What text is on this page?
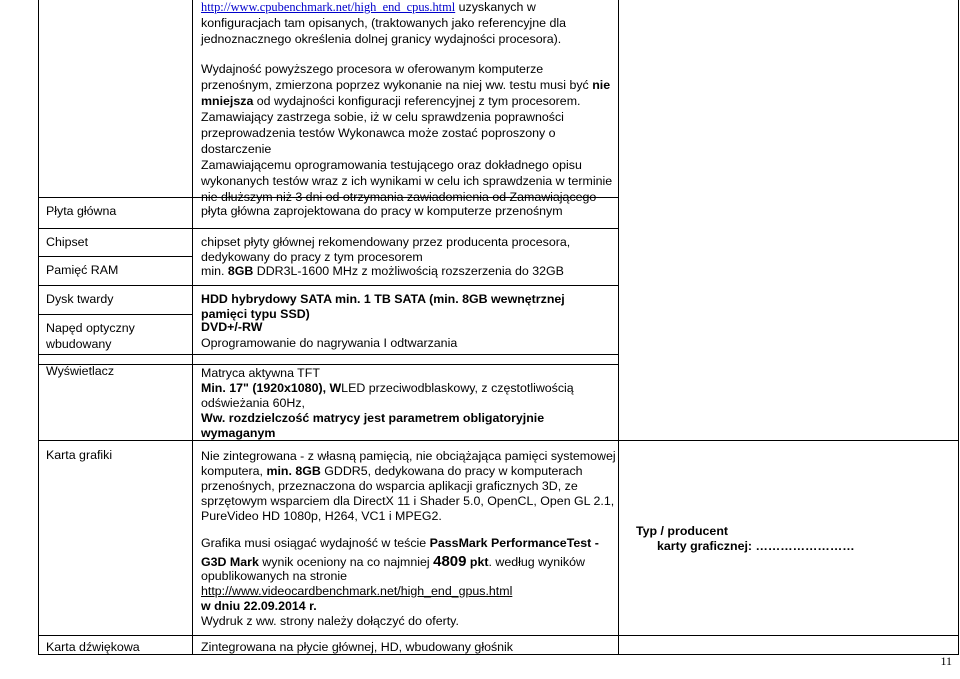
http://www.cpubenchmark.net/high_end_cpus.html uzyskanych w
konfiguracjach tam opisanych, (traktowanych jako referencyjne dla
jednoznacznego określenia dolnej granicy wydajności procesora).
Wydajność powyższego procesora w oferowanym komputerze
przenośnym, zmierzona poprzez wykonanie na niej ww. testu musi być nie
mniejsza od wydajności konfiguracji referencyjnej z tym procesorem.
Zamawiający zastrzega sobie, iż w celu sprawdzenia poprawności
przeprowadzenia testów Wykonawca może zostać poproszony o
dostarczenie
Zamawiającemu oprogramowania testującego oraz dokładnego opisu
wykonanych testów wraz z ich wynikami w celu ich sprawdzenia w terminie
nie dłuższym niż 3 dni od otrzymania zawiadomienia od Zamawiającego
Płyta główna
Chipset
Pamięć RAM
Dysk twardy
Napęd optyczny
wbudowany
Wyświetlacz
Karta grafiki
Karta dźwiękowa
płyta główna zaprojektowana do pracy w komputerze przenośnym
chipset płyty głównej rekomendowany przez producenta procesora,
dedykowany do pracy z tym procesorem
min. 8GB DDR3L-1600 MHz z możliwością rozszerzenia do 32GB
HDD hybrydowy SATA min. 1 TB SATA (min. 8GB wewnętrznej
pamięci typu SSD)
DVD+/-RW
Oprogramowanie do nagrywania I odtwarzania
Matryca aktywna TFT
Min. 17" (1920x1080), WLED przeciwodblaskowy, z częstotliwością
odświeżania 60Hz,
Ww. rozdzielczość matrycy jest parametrem obligatoryjnie
wymaganym
Nie zintegrowana - z własną pamięcią, nie obciążająca pamięci systemowej
komputera, min. 8GB GDDR5, dedykowana do pracy w komputerach
przenośnych, przeznaczona do wsparcia aplikacji graficznych 3D, ze
sprzętowym wsparciem dla DirectX 11 i Shader 5.0, OpenCL, Open GL 2.1,
PureVideo HD 1080p, H264, VC1 i MPEG2.
Grafika musi osiągać wydajność w teście PassMark PerformanceTest -
G3D Mark wynik oceniony na co najmniej 4809 pkt. według wyników
opublikowanych na stronie
http://www.videocardbenchmark.net/high_end_gpus.html
w dniu 22.09.2014 r.
Wydruk z ww. strony należy dołączyć do oferty.
Zintegrowana na płycie głównej, HD, wbudowany głośnik
Typ / producent
karty graficznej: ……………………
11
